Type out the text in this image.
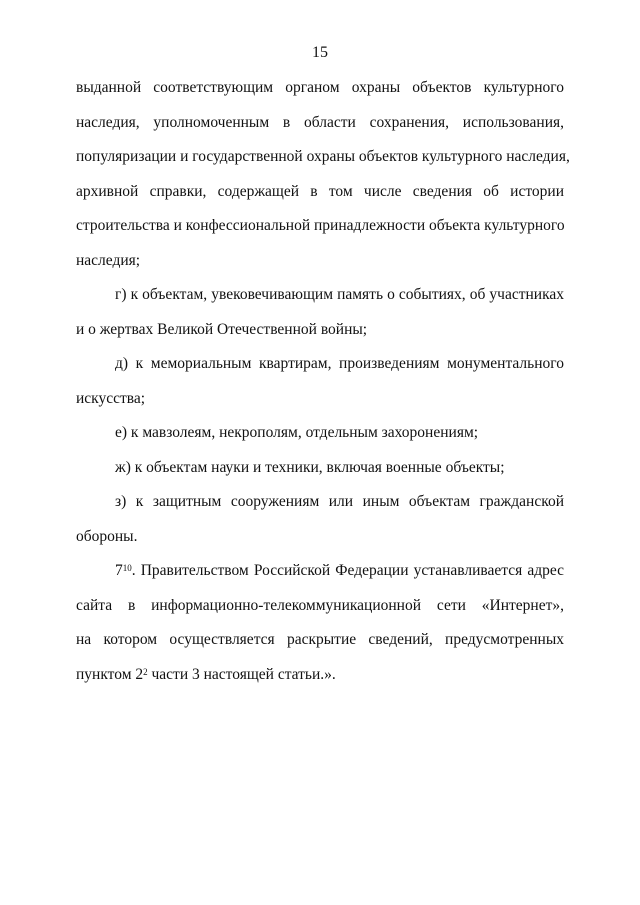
15

выданной соответствующим органом охраны объектов культурного
наследия, уполномоченным в области сохранения, использования,
популяризации и государственной охраны объектов культурного наследия,
архивной справки, содержащей в том числе сведения об истории
строительства и конфессиональной принадлежности объекта культурного
наследия;

г) к объектам, увековечивающим память о событиях, об участниках
и о жертвах Великой Отечественной войны;

д) к мемориальным квартирам, произведениям монументального
искусства;

е) к мавзолеям, некрополям, отдельным захоронениям;

ж) к объектам науки и техники, включая военные объекты;

з) к защитным сооружениям или иным объектам гражданской
обороны.

$7^{10}$. Правительством Российской Федерации устанавливается адрес
сайта в информационно-телекоммуникационной сети «Интернет»,
на котором осуществляется раскрытие сведений, предусмотренных
пунктом $2^2$ части 3 настоящей статьи.».
